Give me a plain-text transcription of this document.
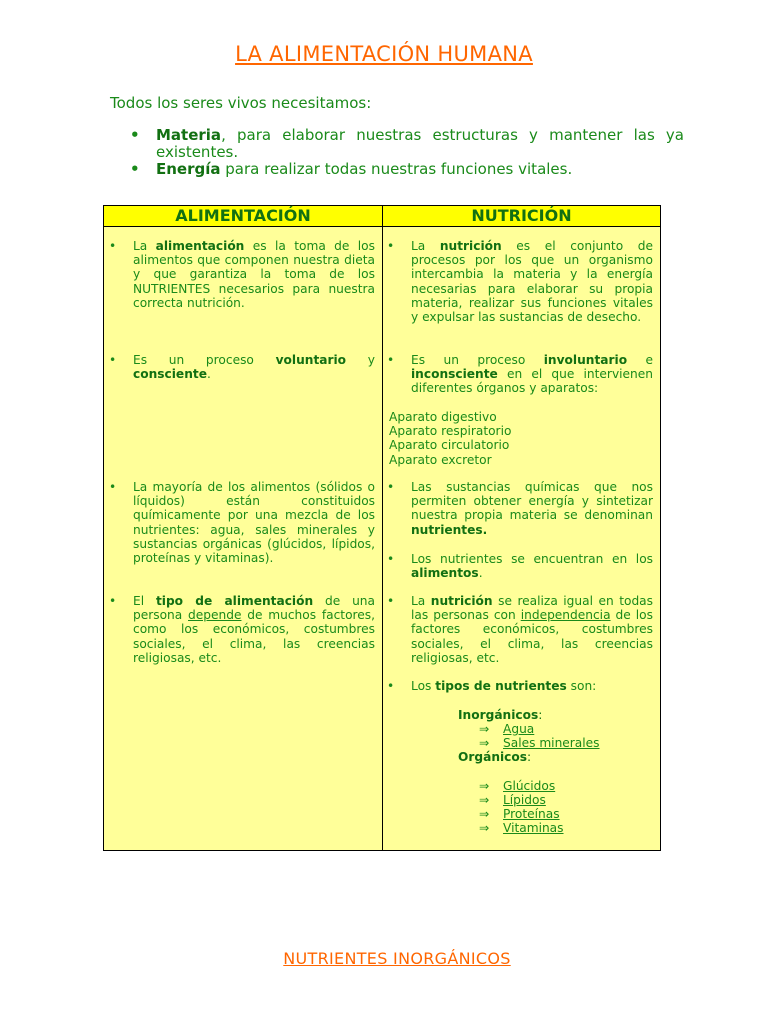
LA ALIMENTACIÓN HUMANA
Todos los seres vivos necesitamos:
• Materia, para elaborar nuestras estructuras y mantener las ya existentes.
• Energía para realizar todas nuestras funciones vitales.
ALIMENTACIÓN	NUTRICIÓN
• La alimentación es la toma de los alimentos que componen nuestra dieta y que garantiza la toma de los NUTRIENTES necesarios para nuestra correcta nutrición.
• Es un proceso voluntario y consciente.
• La mayoría de los alimentos (sólidos o líquidos) están constituidos químicamente por una mezcla de los nutrientes: agua, sales minerales y sustancias orgánicas (glúcidos, lípidos, proteínas y vitaminas).
• El tipo de alimentación de una persona depende de muchos factores, como los económicos, costumbres sociales, el clima, las creencias religiosas, etc.
• La nutrición es el conjunto de procesos por los que un organismo intercambia la materia y la energía necesarias para elaborar su propia materia, realizar sus funciones vitales y expulsar las sustancias de desecho.
• Es un proceso involuntario e inconsciente en el que intervienen diferentes órganos y aparatos:
Aparato digestivo
Aparato respiratorio
Aparato circulatorio
Aparato excretor
• Las sustancias químicas que nos permiten obtener energía y sintetizar nuestra propia materia se denominan nutrientes.
• Los nutrientes se encuentran en los alimentos.
• La nutrición se realiza igual en todas las personas con independencia de los factores económicos, costumbres sociales, el clima, las creencias religiosas, etc.
• Los tipos de nutrientes son:
Inorgánicos:
⇒ Agua
⇒ Sales minerales
Orgánicos:
⇒ Glúcidos
⇒ Lípidos
⇒ Proteínas
⇒ Vitaminas
NUTRIENTES INORGÁNICOS
